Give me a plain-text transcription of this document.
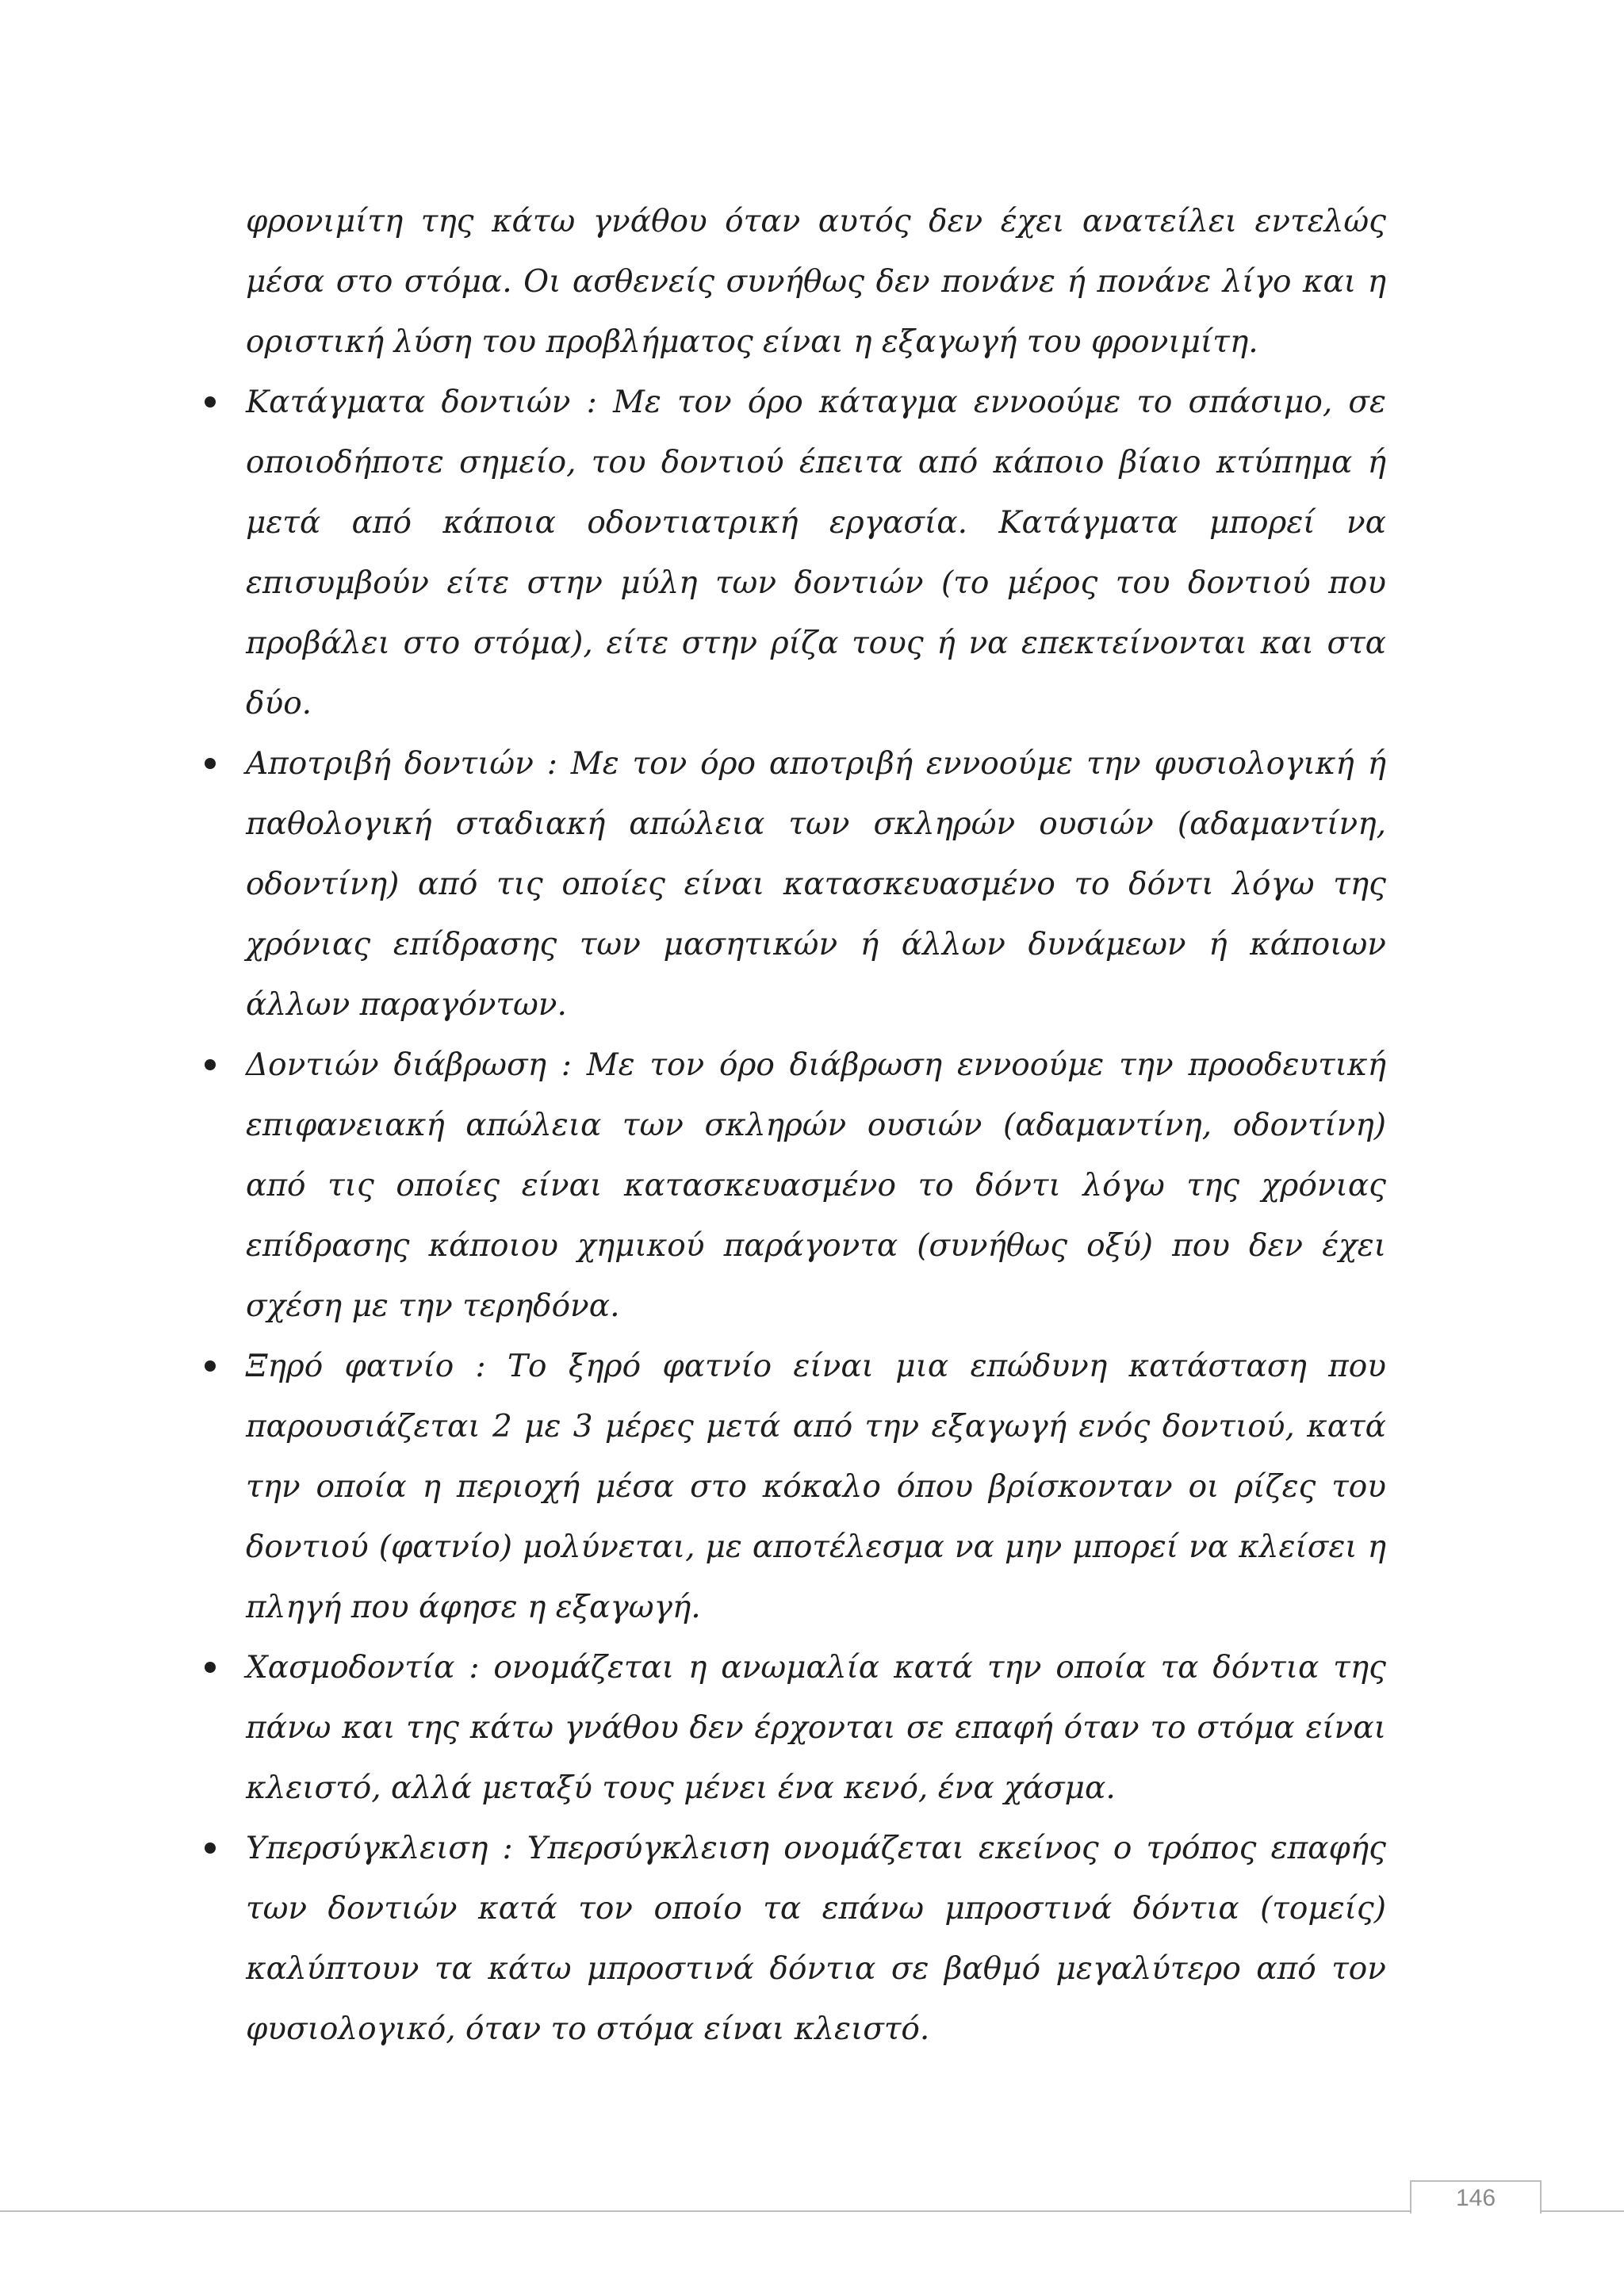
φρονιμίτη της κάτω γνάθου όταν αυτός δεν έχει ανατείλει εντελώς μέσα στο στόμα. Οι ασθενείς συνήθως δεν πονάνε ή πονάνε λίγο και η οριστική λύση του προβλήματος είναι η εξαγωγή του φρονιμίτη.

Κατάγματα δοντιών : Με τον όρο κάταγμα εννοούμε το σπάσιμο, σε οποιοδήποτε σημείο, του δοντιού έπειτα από κάποιο βίαιο κτύπημα ή μετά από κάποια οδοντιατρική εργασία. Κατάγματα μπορεί να επισυμβούν είτε στην μύλη των δοντιών (το μέρος του δοντιού που προβάλει στο στόμα), είτε στην ρίζα τους ή να επεκτείνονται και στα δύο.
Αποτριβή δοντιών : Με τον όρο αποτριβή εννοούμε την φυσιολογική ή παθολογική σταδιακή απώλεια των σκληρών ουσιών (αδαμαντίνη, οδοντίνη) από τις οποίες είναι κατασκευασμένο το δόντι λόγω της χρόνιας επίδρασης των μασητικών ή άλλων δυνάμεων ή κάποιων άλλων παραγόντων.
Δοντιών διάβρωση : Με τον όρο διάβρωση εννοούμε την προοδευτική επιφανειακή απώλεια των σκληρών ουσιών (αδαμαντίνη, οδοντίνη) από τις οποίες είναι κατασκευασμένο το δόντι λόγω της χρόνιας επίδρασης κάποιου χημικού παράγοντα (συνήθως οξύ) που δεν έχει σχέση με την τερηδόνα.
Ξηρό φατνίο : Το ξηρό φατνίο είναι μια επώδυνη κατάσταση που παρουσιάζεται 2 με 3 μέρες μετά από την εξαγωγή ενός δοντιού, κατά την οποία η περιοχή μέσα στο κόκαλο όπου βρίσκονταν οι ρίζες του δοντιού (φατνίο) μολύνεται, με αποτέλεσμα να μην μπορεί να κλείσει η πληγή που άφησε η εξαγωγή.
Χασμοδοντία : ονομάζεται η ανωμαλία κατά την οποία τα δόντια της πάνω και της κάτω γνάθου δεν έρχονται σε επαφή όταν το στόμα είναι κλειστό, αλλά μεταξύ τους μένει ένα κενό, ένα χάσμα.
Υπερσύγκλειση : Υπερσύγκλειση ονομάζεται εκείνος ο τρόπος επαφής των δοντιών κατά τον οποίο τα επάνω μπροστινά δόντια (τομείς) καλύπτουν τα κάτω μπροστινά δόντια σε βαθμό μεγαλύτερο από τον φυσιολογικό, όταν το στόμα είναι κλειστό.
146
